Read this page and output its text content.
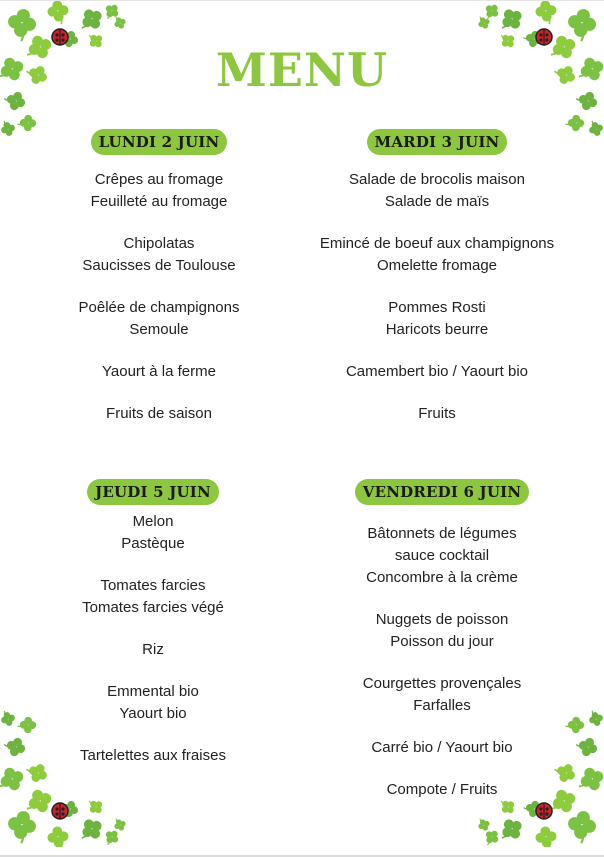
MENU
LUNDI 2 JUIN
Crêpes au fromage
Feuilleté au fromage
Chipolatas
Saucisses de Toulouse
Poêlée de champignons
Semoule
Yaourt à la ferme
Fruits de saison
MARDI 3 JUIN
Salade de brocolis maison
Salade de maïs
Emincé de boeuf aux champignons
Omelette fromage
Pommes Rosti
Haricots beurre
Camembert bio / Yaourt bio
Fruits
JEUDI 5 JUIN
Melon
Pastèque
Tomates farcies
Tomates farcies végé
Riz
Emmental bio
Yaourt bio
Tartelettes aux fraises
VENDREDI 6 JUIN
Bâtonnets de légumes
sauce cocktail
Concombre à la crème
Nuggets de poisson
Poisson du jour
Courgettes provençales
Farfalles
Carré bio / Yaourt bio
Compote / Fruits
